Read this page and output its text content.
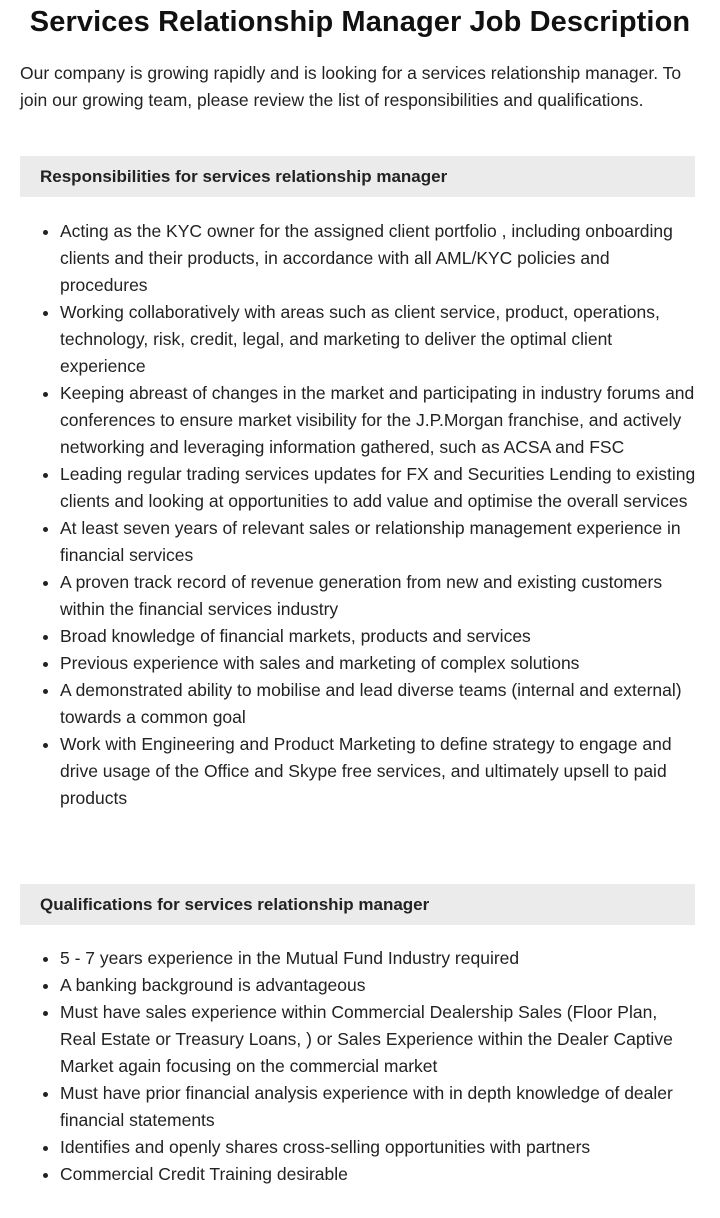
Services Relationship Manager Job Description

Our company is growing rapidly and is looking for a services relationship manager. To join our growing team, please review the list of responsibilities and qualifications.

Responsibilities for services relationship manager
• Acting as the KYC owner for the assigned client portfolio , including onboarding clients and their products, in accordance with all AML/KYC policies and procedures
• Working collaboratively with areas such as client service, product, operations, technology, risk, credit, legal, and marketing to deliver the optimal client experience
• Keeping abreast of changes in the market and participating in industry forums and conferences to ensure market visibility for the J.P.Morgan franchise, and actively networking and leveraging information gathered, such as ACSA and FSC
• Leading regular trading services updates for FX and Securities Lending to existing clients and looking at opportunities to add value and optimise the overall services
• At least seven years of relevant sales or relationship management experience in financial services
• A proven track record of revenue generation from new and existing customers within the financial services industry
• Broad knowledge of financial markets, products and services
• Previous experience with sales and marketing of complex solutions
• A demonstrated ability to mobilise and lead diverse teams (internal and external) towards a common goal
• Work with Engineering and Product Marketing to define strategy to engage and drive usage of the Office and Skype free services, and ultimately upsell to paid products
Qualifications for services relationship manager
• 5 - 7 years experience in the Mutual Fund Industry required
• A banking background is advantageous
• Must have sales experience within Commercial Dealership Sales (Floor Plan, Real Estate or Treasury Loans, ) or Sales Experience within the Dealer Captive Market again focusing on the commercial market
• Must have prior financial analysis experience with in depth knowledge of dealer financial statements
• Identifies and openly shares cross-selling opportunities with partners
• Commercial Credit Training desirable
